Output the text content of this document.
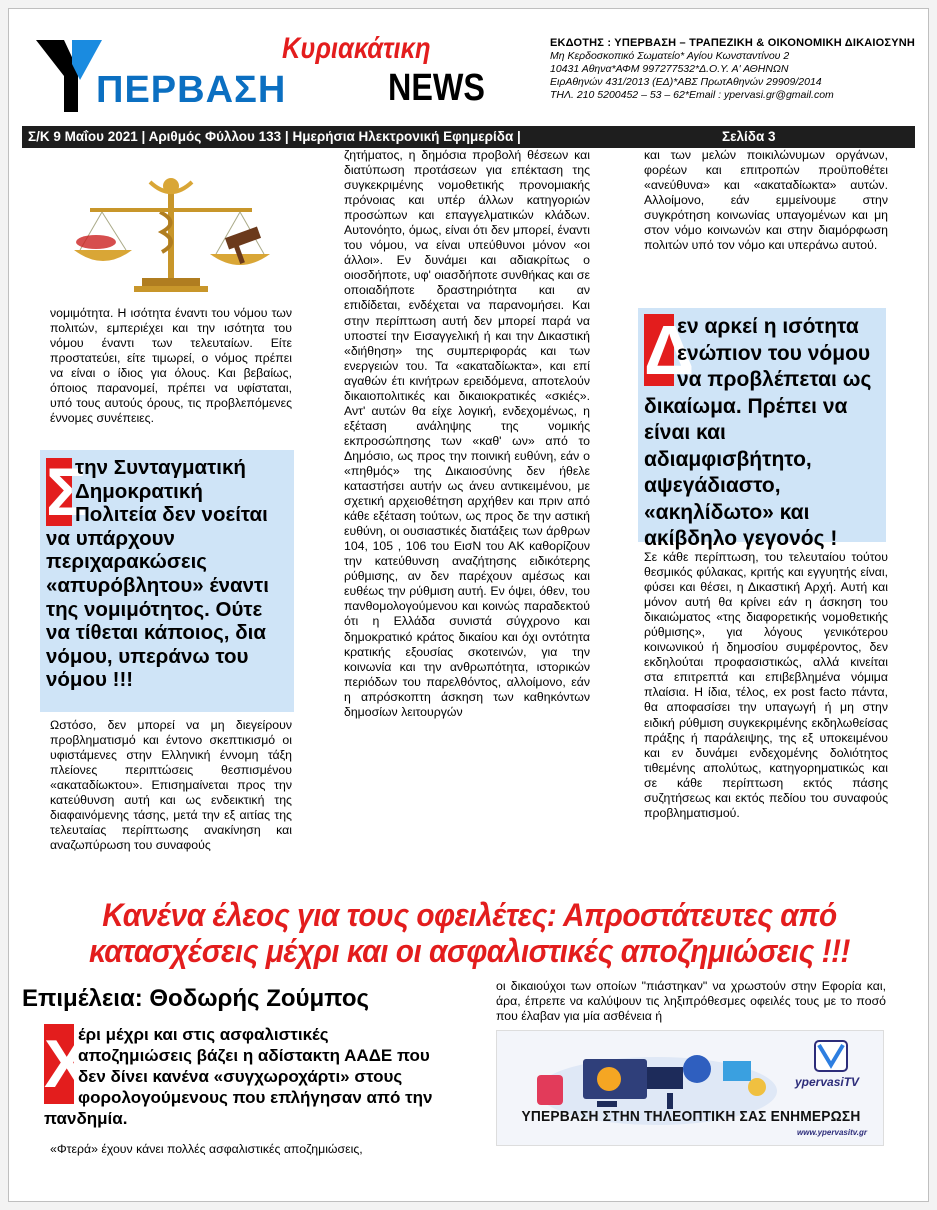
ΠΕΡΒΑΣΗ	NEWS
Κυριακάτικη	ΕΚΔΟΤΗΣ : ΥΠΕΡΒΑΣΗ – ΤΡΑΠΕΖΙΚΗ & ΟΙΚΟΝΟΜΙΚΗ ΔΙΚΑΙΟΣΥΝΗ
Μη Κερδοσκοπικό Σωματείο* Αγίου Κωνσταντίνου 2
10431 Αθηνα*ΑΦΜ 997277532*Δ.Ο.Υ. Α' ΑΘΗΝΩΝ
ΕιρΑθηνών 431/2013 (ΕΔ)*ΑΒΣ ΠρωτΑθηνών 29909/2014
ΤΗΛ. 210 5200452 – 53 – 62*Email : ypervasi.gr@gmail.com
Σ/Κ 9 Μαΐου 2021 | Αριθμός Φύλλου 133 | Ημερήσια Ηλεκτρονική Εφημερίδα |	Σελίδα 3

νομιμότητα. Η ισότητα έναντι του νόμου των πολιτών, εμπεριέχει και την ισότητα του νόμου έναντι των τελευταίων. Είτε προστατεύει, είτε τιμωρεί, ο νόμος πρέπει να είναι ο ίδιος για όλους. Και βεβαίως, όποιος παρανομεί, πρέπει να υφίσταται, υπό τους αυτούς όρους, τις προβλεπόμενες έννομες συνέπειες.

Σ
την Συνταγματική Δημοκρατική Πολιτεία δεν νοείται να υπάρχουν περιχαρακώσεις «απυρόβλητου» έναντι της νομιμότητος. Ούτε να τίθεται κάποιος, δια νόμου, υπεράνω του νόμου !!!

Ωστόσο, δεν μπορεί να μη διεγείρουν προβληματισμό και έντονο σκεπτικισμό οι υφιστάμενες στην Ελληνική έννομη τάξη πλείονες περιπτώσεις θεσπισμένου «ακαταδίωκτου». Επισημαίνεται προς την κατεύθυνση αυτή και ως ενδεικτική της διαφαινόμενης τάσης, μετά την εξ αιτίας της τελευταίας περίπτωσης ανακίνηση και αναζωπύρωση του συναφούς

ζητήματος, η δημόσια προβολή θέσεων και διατύπωση προτάσεων για επέκταση της συγκεκριμένης νομοθετικής προνομιακής πρόνοιας και υπέρ άλλων κατηγοριών προσώπων και επαγγελματικών κλάδων. Αυτονόητο, όμως, είναι ότι δεν μπορεί, έναντι του νόμου, να είναι υπεύθυνοι μόνον «οι άλλοι». Εν δυνάμει και αδιακρίτως ο οιοσδήποτε, υφ' οιασδήποτε συνθήκας και σε οποιαδήποτε δραστηριότητα και αν επιδίδεται, ενδέχεται να παρανομήσει. Και στην περίπτωση αυτή δεν μπορεί παρά να υποστεί την Εισαγγελική ή και την Δικαστική «διήθηση» της συμπεριφοράς και των ενεργειών του. Τα «ακαταδίωκτα», και επί αγαθών έτι κινήτρων ερειδόμενα, αποτελούν δικαιοπολιτικές και δικαιοκρατικές «σκιές». Αντ' αυτών θα είχε λογική, ενδεχομένως, η εξέταση ανάληψης της νομικής εκπροσώπησης των «καθ' ων» από το Δημόσιο, ως προς την ποινική ευθύνη, εάν ο «πηθμός» της Δικαιοσύνης δεν ήθελε καταστήσει αυτήν ως άνευ αντικειμένου, με σχετική αρχειοθέτηση αρχήθεν και πριν από κάθε εξέταση τούτων, ως προς δε την αστική ευθύνη, οι ουσιαστικές διατάξεις των άρθρων 104, 105 , 106 του ΕισΝ του ΑΚ καθορίζουν την κατεύθυνση αναζήτησης ειδικότερης ρύθμισης, αν δεν παρέχουν αμέσως και ευθέως την ρύθμιση αυτή. Εν όψει, όθεν, του πανθομολογούμενου και κοινώς παραδεκτού ότι η Ελλάδα συνιστά σύγχρονο και δημοκρατικό κράτος δικαίου και όχι οντότητα κρατικής εξουσίας σκοτεινών, για την κοινωνία και την ανθρωπότητα, ιστορικών περιόδων του παρελθόντος, αλλοίμονο, εάν η απρόσκοπτη άσκηση των καθηκόντων δημοσίων λειτουργών

και των μελών ποικιλώνυμων οργάνων, φορέων και επιτροπών προϋποθέτει «ανεύθυνα» και «ακαταδίωκτα» αυτών. Αλλοίμονο, εάν εμμείνουμε στην συγκρότηση κοινωνίας υπαγομένων και μη στον νόμο κοινωνών και στην διαμόρφωση πολιτών υπό τον νόμο και υπεράνω αυτού.

Δ
εν αρκεί η ισότητα ενώπιον του νόμου να προβλέπεται ως δικαίωμα. Πρέπει να είναι και αδιαμφισβήτητο, αψεγάδιαστο, «ακηλίδωτο» και ακίβδηλο γεγονός !

Σε κάθε περίπτωση, του τελευταίου τούτου θεσμικός φύλακας, κριτής και εγγυητής είναι, φύσει και θέσει, η Δικαστική Αρχή. Αυτή και μόνον αυτή θα κρίνει εάν η άσκηση του δικαιώματος «της διαφορετικής νομοθετικής ρύθμισης», για λόγους γενικότερου κοινωνικού ή δημοσίου συμφέροντος, δεν εκδηλούται προφασιστικώς, αλλά κινείται στα επιτρεπτά και επιβεβλημένα νόμιμα πλαίσια. Η ίδια, τέλος, ex post facto πάντα, θα αποφασίσει την υπαγωγή ή μη στην ειδική ρύθμιση συγκεκριμένης εκδηλωθείσας πράξης ή παράλειψης, της εξ υποκειμένου και εν δυνάμει ενδεχομένης δολιότητος τιθεμένης απολύτως, κατηγορηματικώς και σε κάθε περίπτωση εκτός πάσης συζητήσεως και εκτός πεδίου του συναφούς προβληματισμού.

Κανένα έλεος για τους οφειλέτες: Απροστάτευτες από
κατασχέσεις μέχρι και οι ασφαλιστικές αποζημιώσεις !!!
Επιμέλεια: Θοδωρής Ζούμπος
Χ
έρι μέχρι και στις ασφαλιστικές αποζημιώσεις βάζει η αδίστακτη ΑΑΔΕ που δεν δίνει κανένα «συγχωροχάρτι» στους φορολογούμενους που επλήγησαν από την πανδημία.

«Φτερά» έχουν κάνει πολλές ασφαλιστικές αποζημιώσεις,

οι δικαιούχοι των οποίων "πιάστηκαν" να χρωστούν στην Εφορία και, άρα, έπρεπε να καλύψουν τις ληξιπρόθεσμες οφειλές τους με το ποσό που έλαβαν για μία ασθένεια ή

ypervasiTV
ΥΠΕΡΒΑΣΗ ΣΤΗΝ ΤΗΛΕΟΠΤΙΚΗ ΣΑΣ ΕΝΗΜΕΡΩΣΗ
www.ypervasitv.gr
